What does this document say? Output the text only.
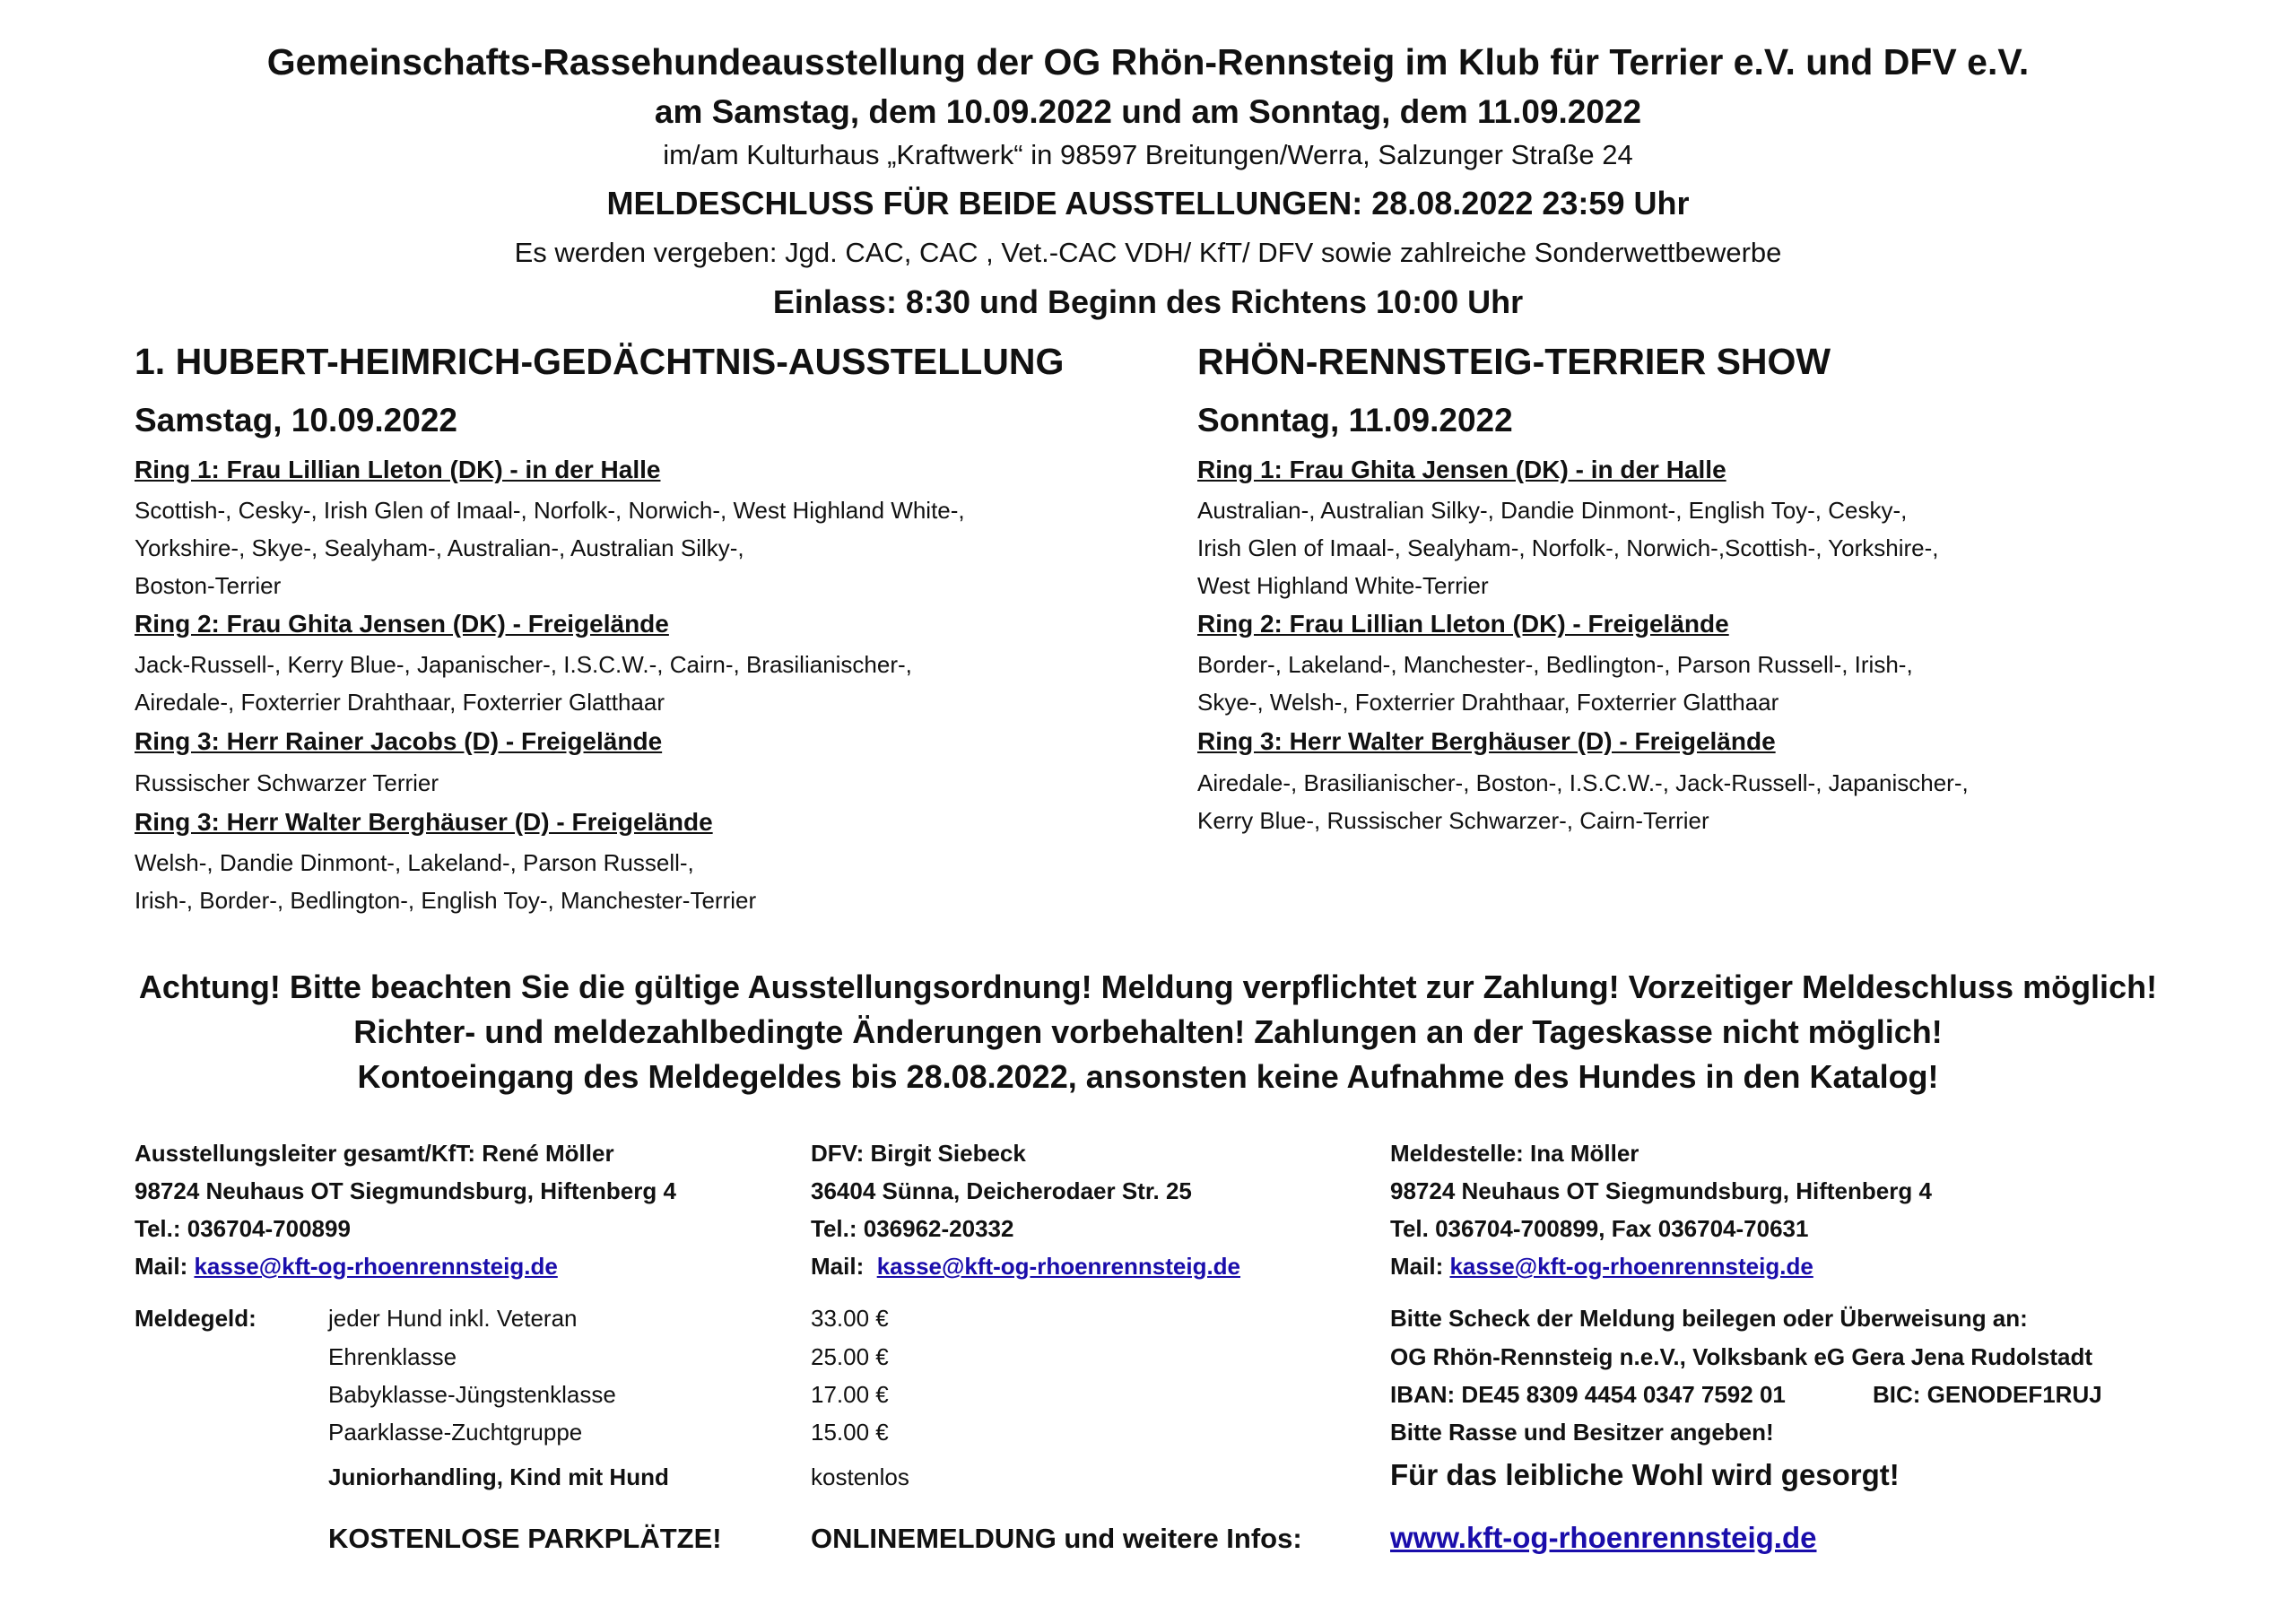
Gemeinschafts-Rassehundeausstellung der OG Rhön-Rennsteig im Klub für Terrier e.V. und DFV e.V.
am Samstag, dem 10.09.2022 und am Sonntag, dem 11.09.2022
im/am Kulturhaus „Kraftwerk“ in 98597 Breitungen/Werra, Salzunger Straße 24
MELDESCHLUSS FÜR BEIDE AUSSTELLUNGEN: 28.08.2022 23:59 Uhr
Es werden vergeben: Jgd. CAC, CAC , Vet.-CAC VDH/ KfT/ DFV sowie zahlreiche Sonderwettbewerbe
Einlass: 8:30 und Beginn des Richtens 10:00 Uhr
1. HUBERT-HEIMRICH-GEDÄCHTNIS-AUSSTELLUNG
Samstag, 10.09.2022
Ring 1: Frau Lillian Lleton (DK) - in der Halle
Scottish-, Cesky-, Irish Glen of Imaal-, Norfolk-, Norwich-, West Highland White-,
Yorkshire-, Skye-, Sealyham-, Australian-, Australian Silky-,
Boston-Terrier
Ring 2: Frau Ghita Jensen (DK) - Freigelände
Jack-Russell-, Kerry Blue-, Japanischer-, I.S.C.W.-, Cairn-, Brasilianischer-,
Airedale-, Foxterrier Drahthaar, Foxterrier Glatthaar
Ring 3: Herr Rainer Jacobs (D) - Freigelände
Russischer Schwarzer Terrier
Ring 3: Herr Walter Berghäuser (D) - Freigelände
Welsh-, Dandie Dinmont-, Lakeland-, Parson Russell-,
Irish-, Border-, Bedlington-, English Toy-, Manchester-Terrier
RHÖN-RENNSTEIG-TERRIER SHOW
Sonntag, 11.09.2022
Ring 1: Frau Ghita Jensen (DK) - in der Halle
Australian-, Australian Silky-, Dandie Dinmont-, English Toy-, Cesky-,
Irish Glen of Imaal-, Sealyham-, Norfolk-, Norwich-,Scottish-, Yorkshire-,
West Highland White-Terrier
Ring 2: Frau Lillian Lleton (DK) - Freigelände
Border-, Lakeland-, Manchester-, Bedlington-, Parson Russell-, Irish-,
Skye-, Welsh-, Foxterrier Drahthaar, Foxterrier Glatthaar
Ring 3: Herr Walter Berghäuser (D) - Freigelände
Airedale-, Brasilianischer-, Boston-, I.S.C.W.-, Jack-Russell-, Japanischer-,
Kerry Blue-, Russischer Schwarzer-, Cairn-Terrier
Achtung! Bitte beachten Sie die gültige Ausstellungsordnung! Meldung verpflichtet zur Zahlung! Vorzeitiger Meldeschluss möglich!
Richter- und meldezahlbedingte Änderungen vorbehalten! Zahlungen an der Tageskasse nicht möglich!
Kontoeingang des Meldegeldes bis 28.08.2022, ansonsten keine Aufnahme des Hundes in den Katalog!
Ausstellungsleiter gesamt/KfT: René Möller
98724 Neuhaus OT Siegmundsburg, Hiftenberg 4
Tel.: 036704-700899
Mail: kasse@kft-og-rhoenrennsteig.de
DFV: Birgit Siebeck
36404 Sünna, Deicherodaer Str. 25
Tel.: 036962-20332
Mail: kasse@kft-og-rhoenrennsteig.de
Meldestelle: Ina Möller
98724 Neuhaus OT Siegmundsburg, Hiftenberg 4
Tel. 036704-700899, Fax 036704-70631
Mail: kasse@kft-og-rhoenrennsteig.de
Meldegeld:	jeder Hund inkl. Veteran	33.00 €
Ehrenklasse	25.00 €
Babyklasse-Jüngstenklasse	17.00 €
Paarklasse-Zuchtgruppe	15.00 €
Juniorhandling, Kind mit Hund	kostenlos
Bitte Scheck der Meldung beilegen oder Überweisung an:
OG Rhön-Rennsteig n.e.V., Volksbank eG Gera Jena Rudolstadt
IBAN: DE45 8309 4454 0347 7592 01	BIC: GENODEF1RUJ
Bitte Rasse und Besitzer angeben!
Für das leibliche Wohl wird gesorgt!
KOSTENLOSE PARKPLÄTZE!	ONLINEMELDUNG und weitere Infos:	www.kft-og-rhoenrennsteig.de
